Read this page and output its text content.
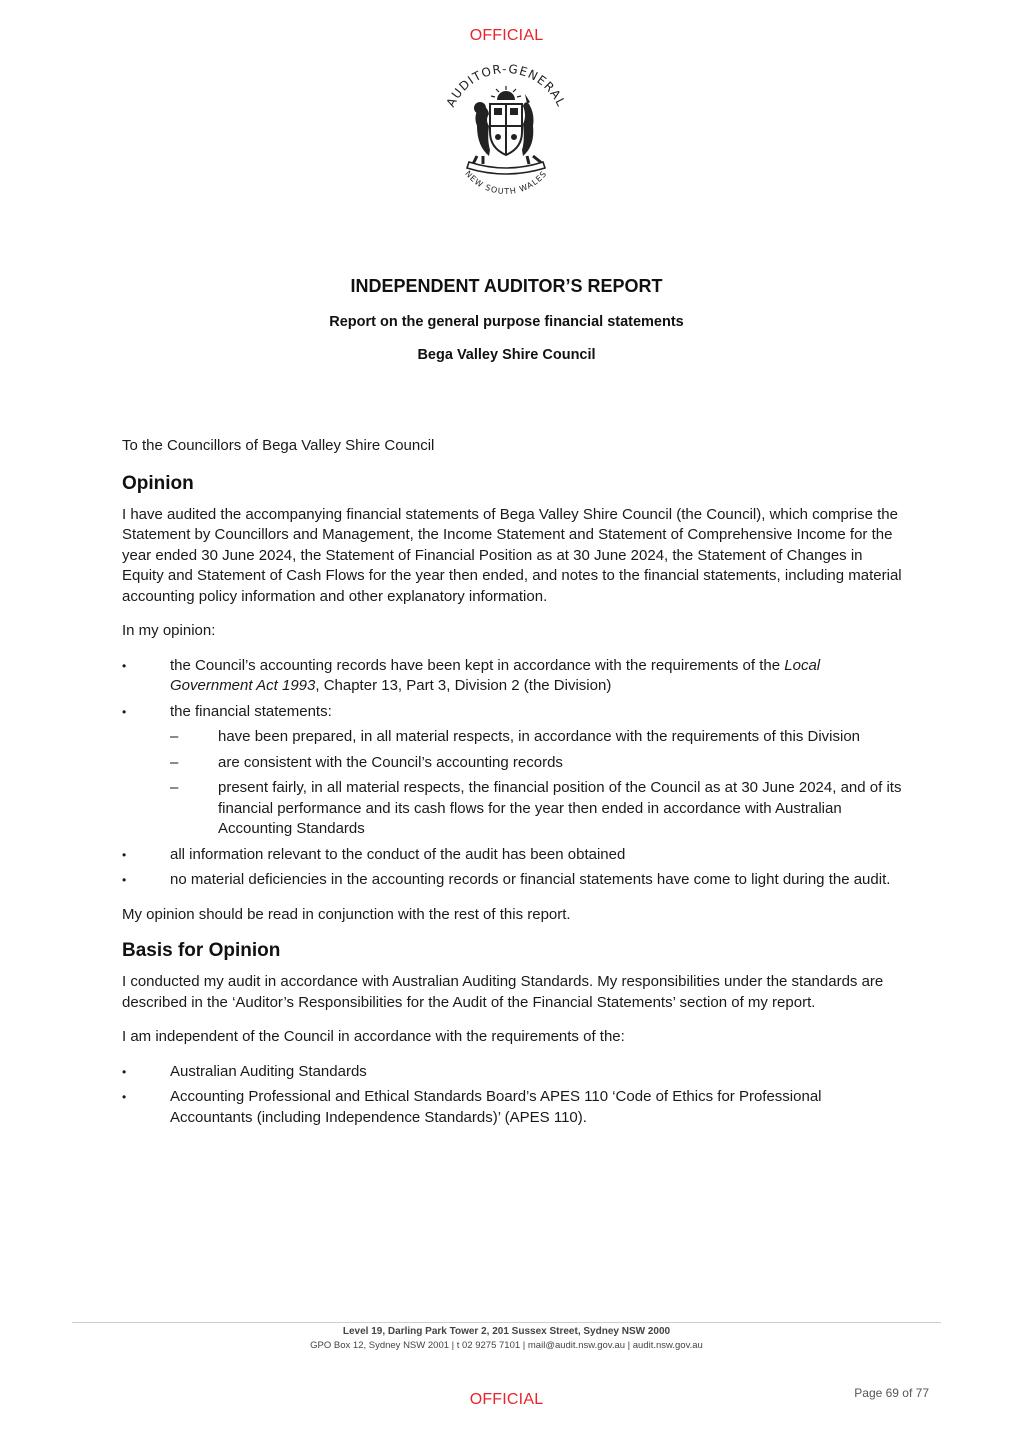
OFFICIAL
AUDITOR-GENERAL
NEW SOUTH WALES
INDEPENDENT AUDITOR’S REPORT
Report on the general purpose financial statements
Bega Valley Shire Council

To the Councillors of Bega Valley Shire Council

Opinion

I have audited the accompanying financial statements of Bega Valley Shire Council (the Council), which comprise the Statement by Councillors and Management, the Income Statement and Statement of Comprehensive Income for the year ended 30 June 2024, the Statement of Financial Position as at 30 June 2024, the Statement of Changes in Equity and Statement of Cash Flows for the year then ended, and notes to the financial statements, including material accounting policy information and other explanatory information.

In my opinion:

• the Council’s accounting records have been kept in accordance with the requirements of the Local Government Act 1993, Chapter 13, Part 3, Division 2 (the Division)
• the financial statements:
– have been prepared, in all material respects, in accordance with the requirements of this Division
– are consistent with the Council’s accounting records
– present fairly, in all material respects, the financial position of the Council as at 30 June 2024, and of its financial performance and its cash flows for the year then ended in accordance with Australian Accounting Standards
• all information relevant to the conduct of the audit has been obtained
• no material deficiencies in the accounting records or financial statements have come to light during the audit.

My opinion should be read in conjunction with the rest of this report.

Basis for Opinion

I conducted my audit in accordance with Australian Auditing Standards. My responsibilities under the standards are described in the ‘Auditor’s Responsibilities for the Audit of the Financial Statements’ section of my report.

I am independent of the Council in accordance with the requirements of the:

• Australian Auditing Standards
• Accounting Professional and Ethical Standards Board’s APES 110 ‘Code of Ethics for Professional Accountants (including Independence Standards)’ (APES 110).
Level 19, Darling Park Tower 2, 201 Sussex Street, Sydney NSW 2000
GPO Box 12, Sydney NSW 2001 | t 02 9275 7101 | mail@audit.nsw.gov.au | audit.nsw.gov.au
OFFICIAL	Page 69 of 77
